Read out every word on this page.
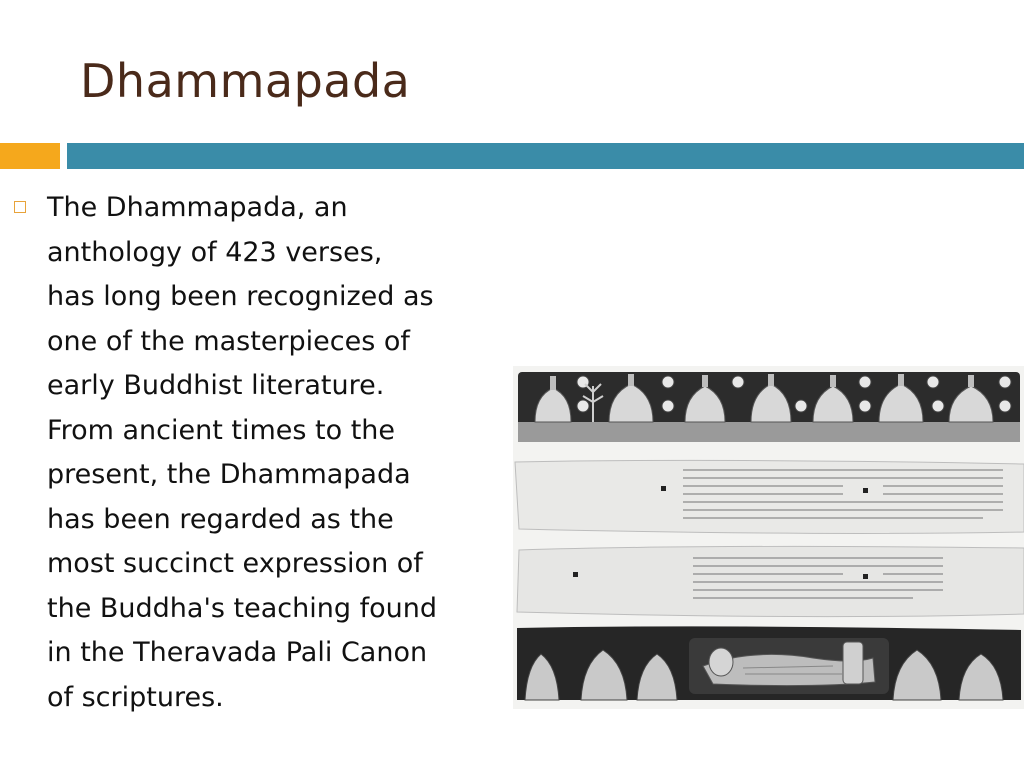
Dhammapada

The Dhammapada, an
anthology of 423 verses,
has long been recognized as
one of the masterpieces of
early Buddhist literature.
From ancient times to the
present, the Dhammapada
has been regarded as the
most succinct expression of
the Buddha's teaching found
in the Theravada Pali Canon
of scriptures.
